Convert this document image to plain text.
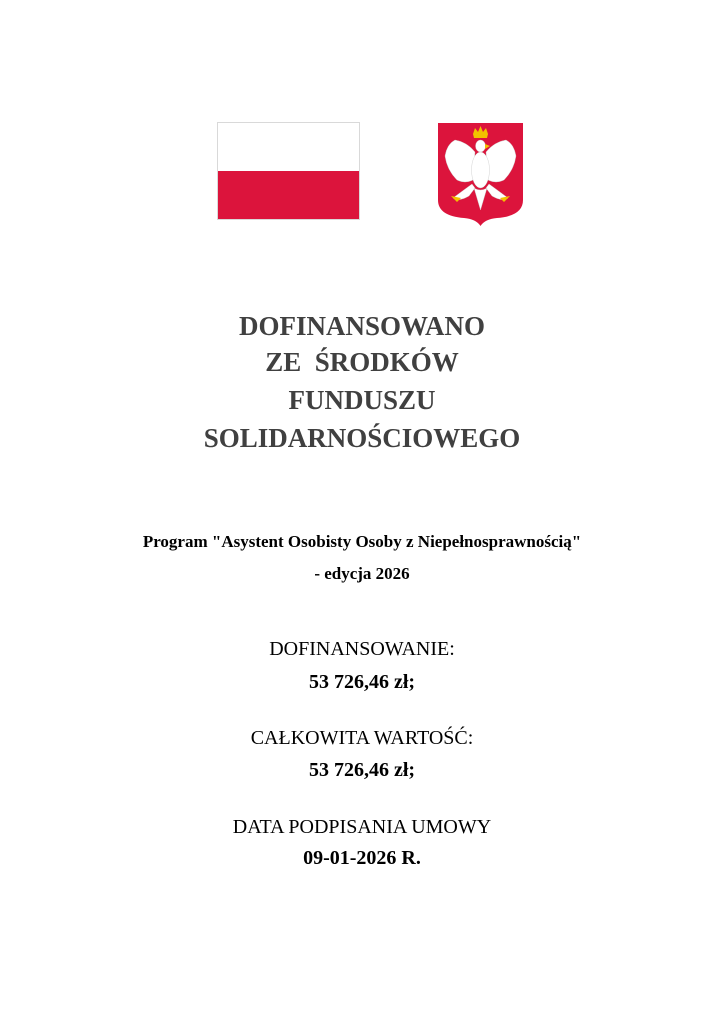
DOFINANSOWANO
ZE  ŚRODKÓW
FUNDUSZU
SOLIDARNOŚCIOWEGO
Program "Asystent Osobisty Osoby z Niepełnosprawnością"
- edycja 2026
DOFINANSOWANIE:
53 726,46 zł;
CAŁKOWITA WARTOŚĆ:
53 726,46 zł;
DATA PODPISANIA UMOWY
09-01-2026 R.
